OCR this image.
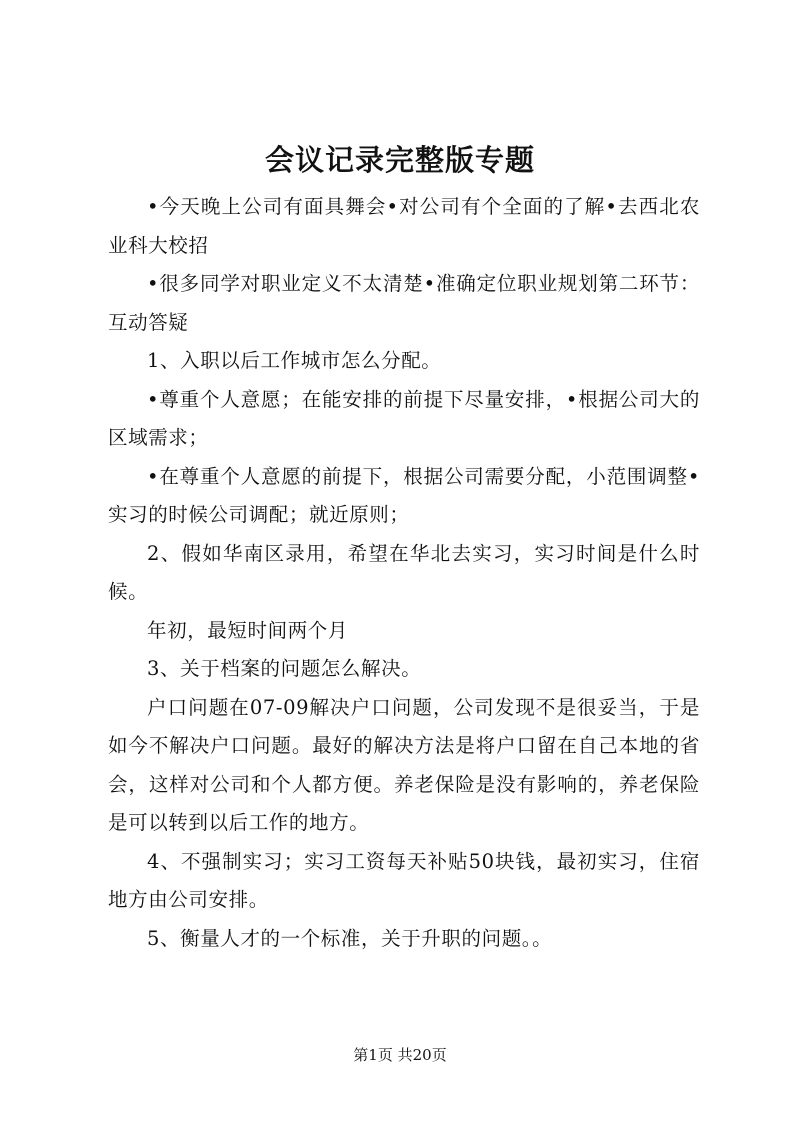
会议记录完整版专题

•今天晚上公司有面具舞会•对公司有个全面的了解•去西北农业科大校招

•很多同学对职业定义不太清楚•准确定位职业规划第二环节：互动答疑

1、入职以后工作城市怎么分配。

•尊重个人意愿；在能安排的前提下尽量安排，•根据公司大的区域需求；

•在尊重个人意愿的前提下，根据公司需要分配，小范围调整•实习的时候公司调配；就近原则；

2、假如华南区录用，希望在华北去实习，实习时间是什么时候。

年初，最短时间两个月

3、关于档案的问题怎么解决。

户口问题在07-09解决户口问题，公司发现不是很妥当，于是如今不解决户口问题。最好的解决方法是将户口留在自己本地的省会，这样对公司和个人都方便。养老保险是没有影响的，养老保险是可以转到以后工作的地方。

4、不强制实习；实习工资每天补贴50块钱，最初实习，住宿地方由公司安排。

5、衡量人才的一个标准，关于升职的问题。。

第1页 共20页
